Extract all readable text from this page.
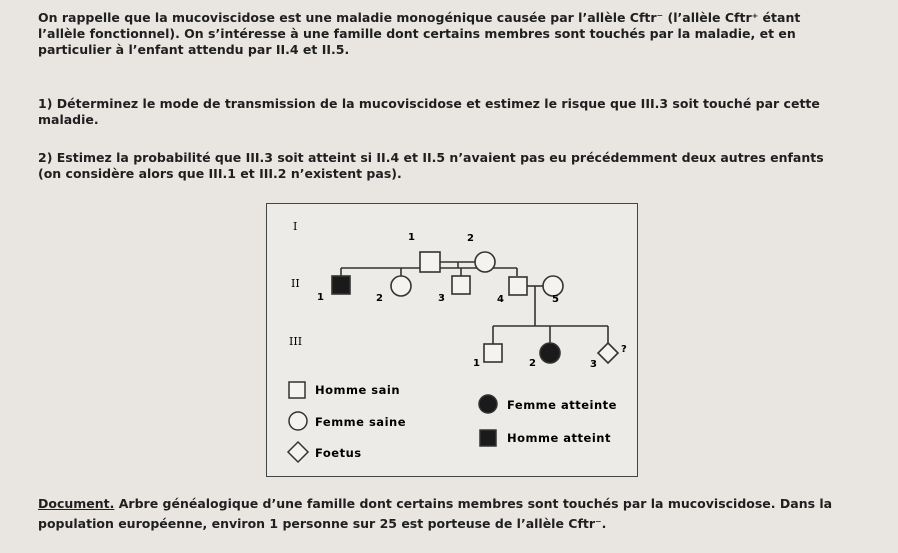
On rappelle que la mucoviscidose est une maladie monogénique causée par l’allèle Cftr⁻ (l’allèle Cftr⁺ étant l’allèle fonctionnel). On s’intéresse à une famille dont certains membres sont touchés par la maladie, et en particulier à l’enfant attendu par II.4 et II.5.
1) Déterminez le mode de transmission de la mucoviscidose et estimez le risque que III.3 soit touché par cette maladie.
2) Estimez la probabilité que III.3 soit atteint si II.4 et II.5 n’avaient pas eu précédemment deux autres enfants (on considère alors que III.1 et III.2 n’existent pas).
I
II
III
1	2
1	2	3	4	5
1	2	3
?
Homme sain
Femme saine
Foetus
Femme atteinte
Homme atteint
Document. Arbre généalogique d’une famille dont certains membres sont touchés par la mucoviscidose. Dans la population européenne, environ 1 personne sur 25 est porteuse de l’allèle Cftr⁻.
